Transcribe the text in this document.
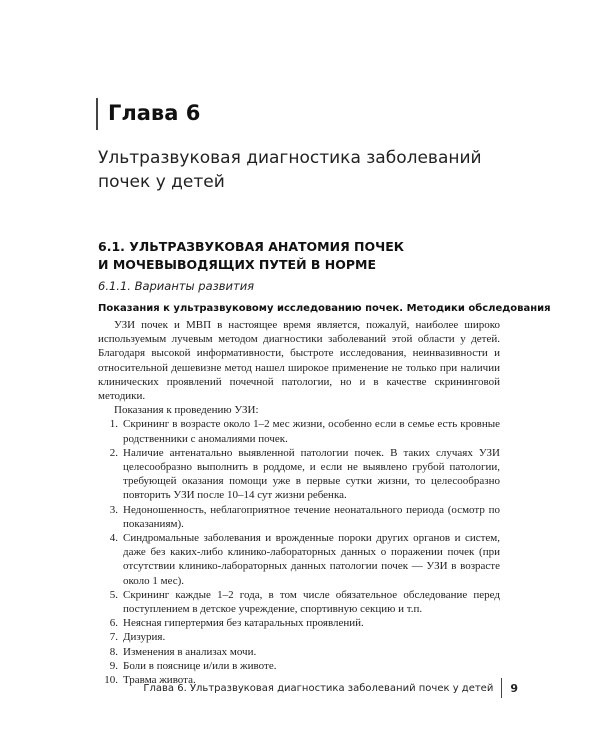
Глава 6
Ультразвуковая диагностика заболеваний почек у детей
6.1. УЛЬТРАЗВУКОВАЯ АНАТОМИЯ ПОЧЕК
И МОЧЕВЫВОДЯЩИХ ПУТЕЙ В НОРМЕ
6.1.1. Варианты развития
Показания к ультразвуковому исследованию почек. Методики обследования

УЗИ почек и МВП в настоящее время является, пожалуй, наиболее широко используемым лучевым методом диагностики заболеваний этой области у детей. Благодаря высокой информативности, быстроте исследования, неинвазивности и относительной дешевизне метод нашел широкое применение не только при наличии клинических проявлений почечной патологии, но и в качестве скрининговой методики.

Показания к проведению УЗИ:

1. Скрининг в возрасте около 1–2 мес жизни, особенно если в семье есть кровные родственники с аномалиями почек.
2. Наличие антенатально выявленной патологии почек. В таких случаях УЗИ целесообразно выполнить в роддоме, и если не выявлено грубой патологии, требующей оказания помощи уже в первые сутки жизни, то целесообразно повторить УЗИ после 10–14 сут жизни ребенка.
3. Недоношенность, неблагоприятное течение неонатального периода (осмотр по показаниям).
4. Синдромальные заболевания и врожденные пороки других органов и систем, даже без каких-либо клинико-лабораторных данных о поражении почек (при отсутствии клинико-лабораторных данных патологии почек — УЗИ в возрасте около 1 мес).
5. Скрининг каждые 1–2 года, в том числе обязательное обследование перед поступлением в детское учреждение, спортивную секцию и т.п.
6. Неясная гипертермия без катаральных проявлений.
7. Дизурия.
8. Изменения в анализах мочи.
9. Боли в пояснице и/или в животе.
10. Травма живота.
Глава 6. Ультразвуковая диагностика заболеваний почек у детей 9
